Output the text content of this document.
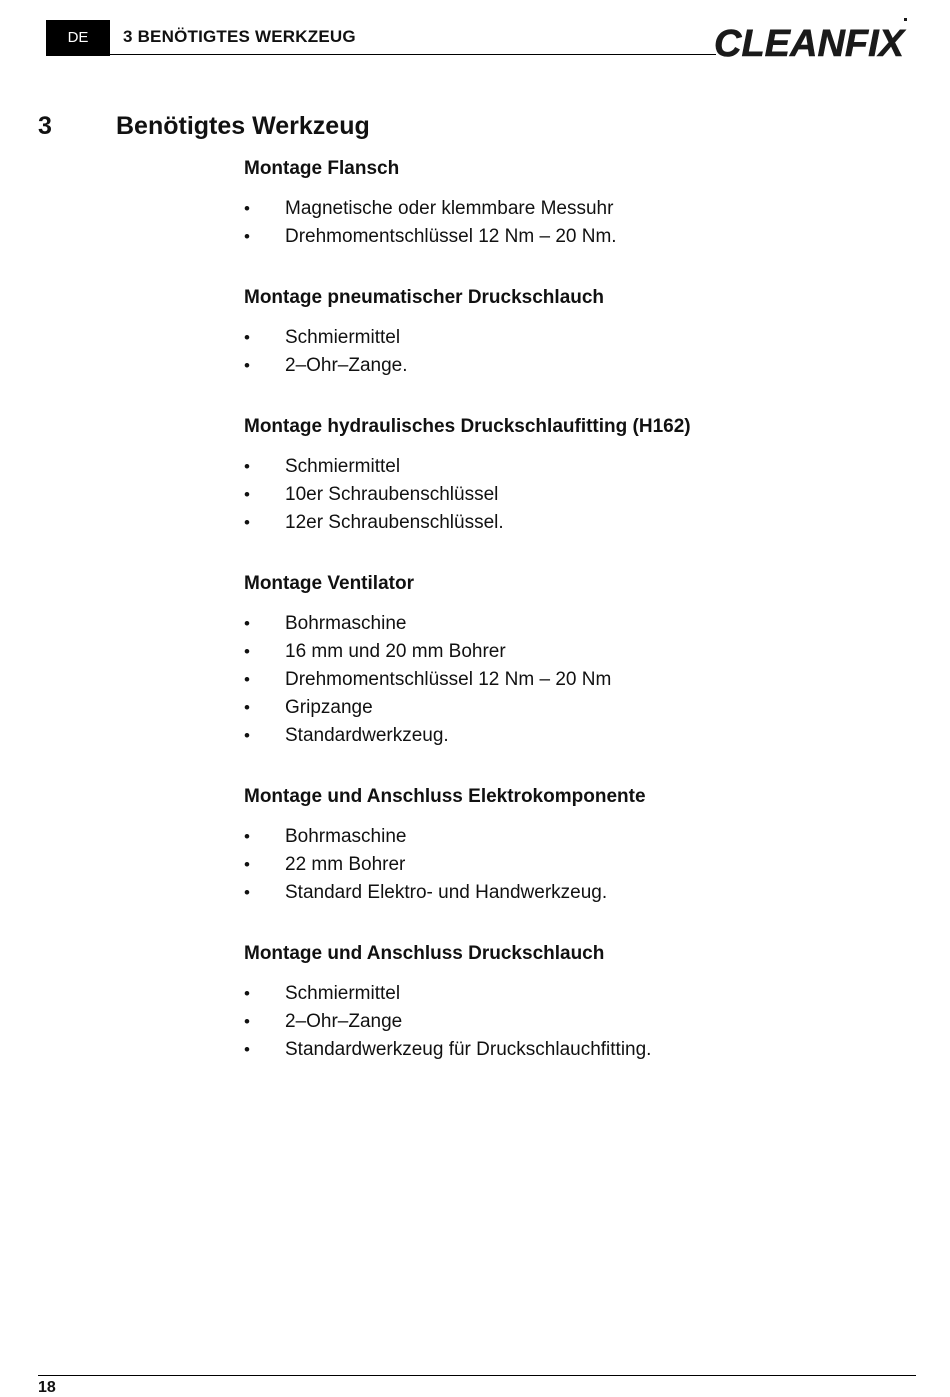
DE	3 BENÖTIGTES WERKZEUG	CLEANFIX
3	Benötigtes Werkzeug
Montage Flansch
• Magnetische oder klemmbare Messuhr
• Drehmomentschlüssel 12 Nm – 20 Nm.
Montage pneumatischer Druckschlauch
• Schmiermittel
• 2–Ohr–Zange.
Montage hydraulisches Druckschlaufitting (H162)
• Schmiermittel
• 10er Schraubenschlüssel
• 12er Schraubenschlüssel.
Montage Ventilator
• Bohrmaschine
• 16 mm und 20 mm Bohrer
• Drehmomentschlüssel 12 Nm – 20 Nm
• Gripzange
• Standardwerkzeug.
Montage und Anschluss Elektrokomponente
• Bohrmaschine
• 22 mm Bohrer
• Standard Elektro- und Handwerkzeug.
Montage und Anschluss Druckschlauch
• Schmiermittel
• 2–Ohr–Zange
• Standardwerkzeug für Druckschlauchfitting.
18
